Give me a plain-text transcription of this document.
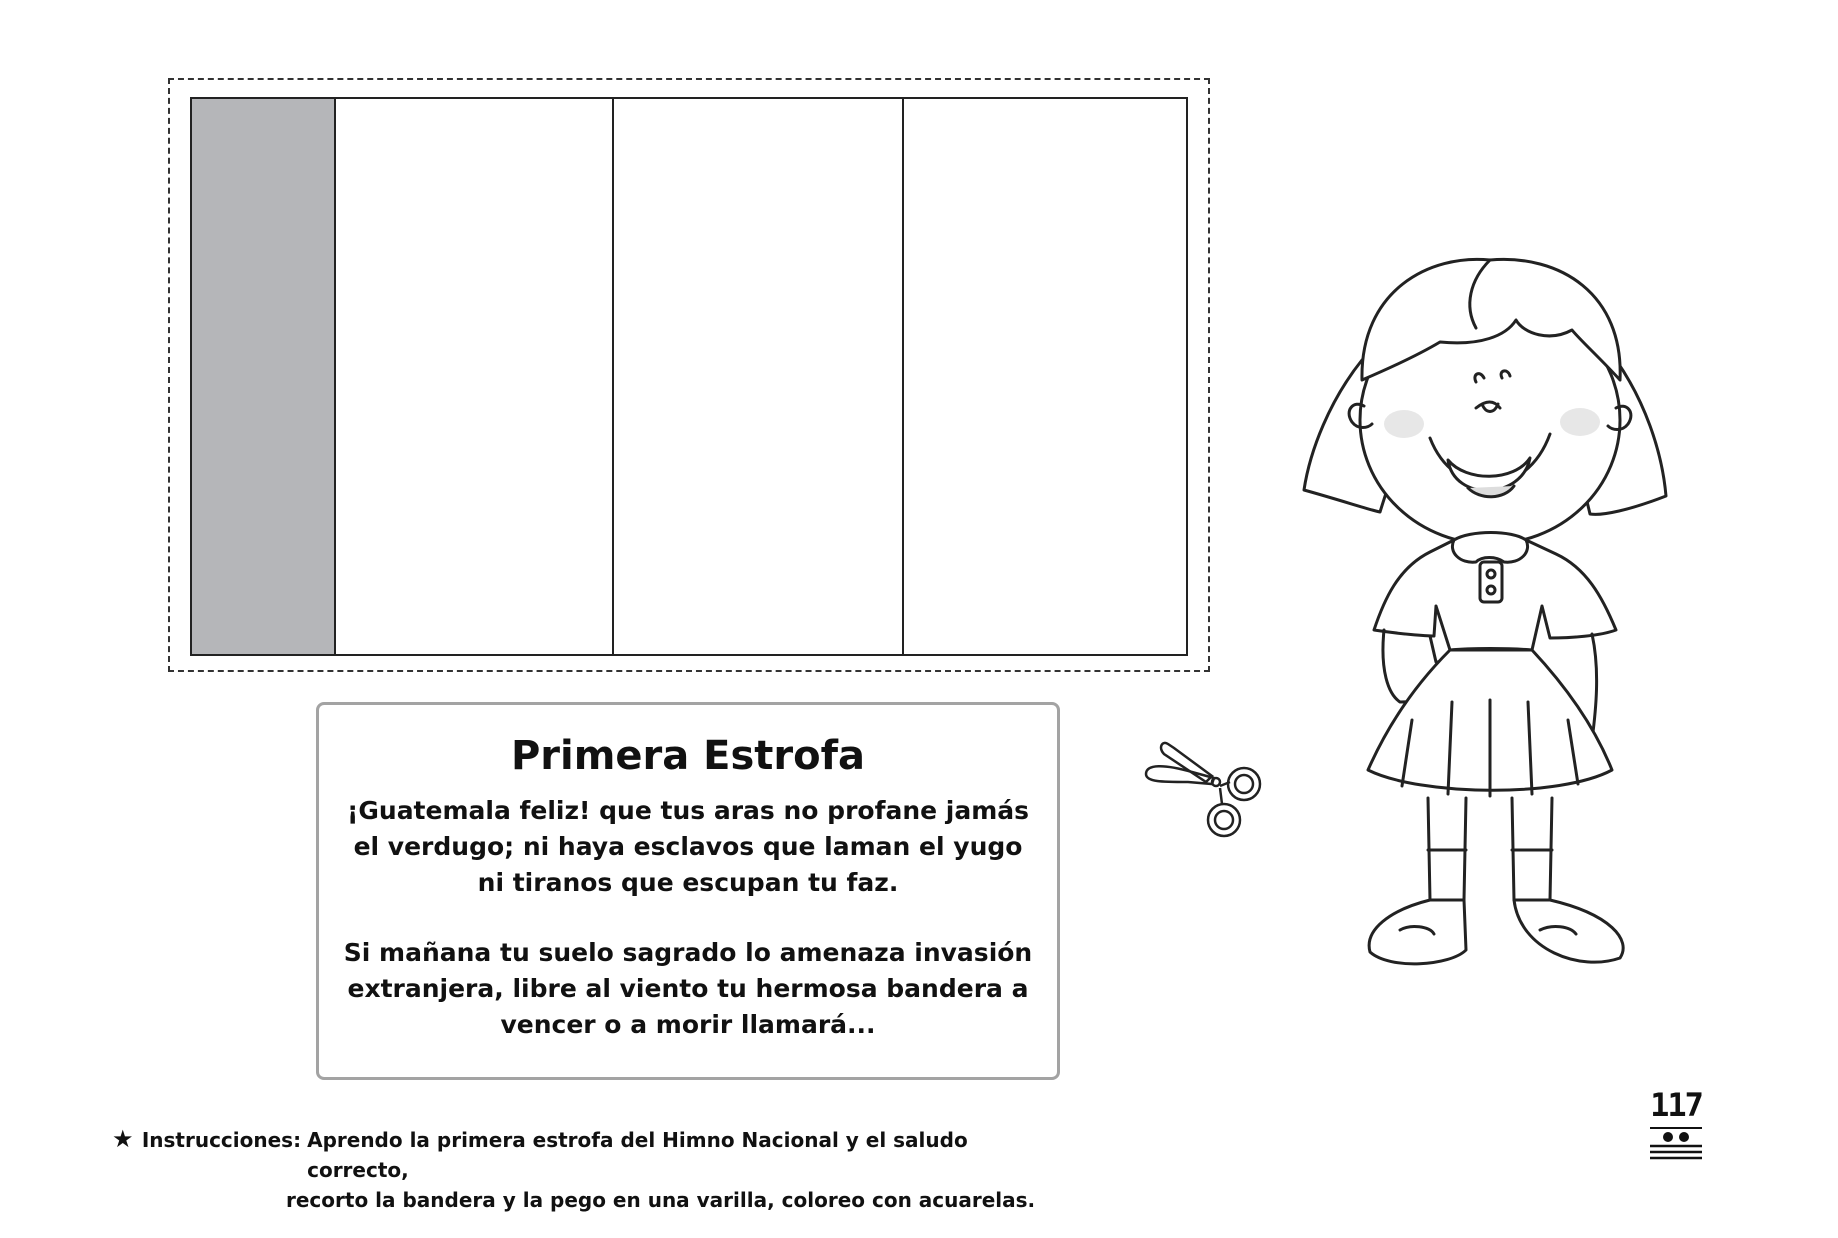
Primera Estrofa

¡Guatemala feliz! que tus aras no profane jamás el verdugo; ni haya esclavos que laman el yugo ni tiranos que escupan tu faz.

Si mañana tu suelo sagrado lo amenaza invasión extranjera, libre al viento tu hermosa bandera a vencer o a morir llamará...

★ Instrucciones: Aprendo la primera estrofa del Himno Nacional y el saludo correcto,
recorto la bandera y la pego en una varilla, coloreo con acuarelas.
117
